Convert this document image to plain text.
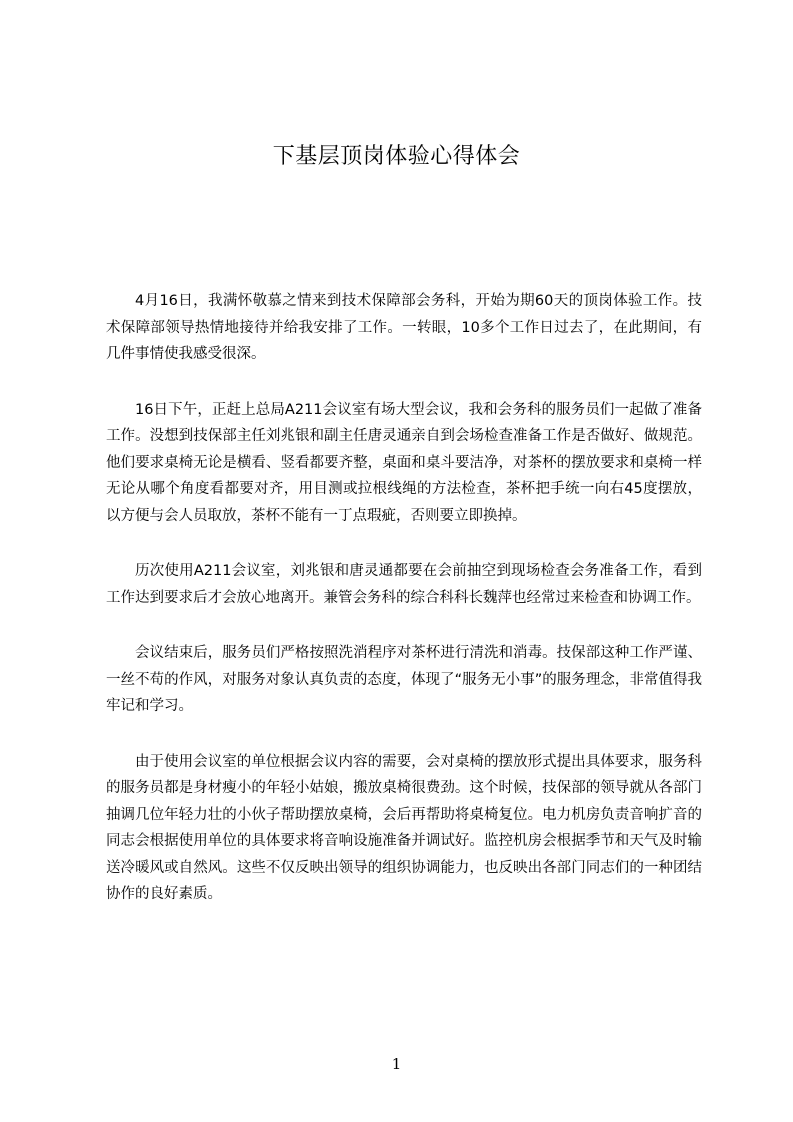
下基层顶岗体验心得体会

4月16日，我满怀敬慕之情来到技术保障部会务科，开始为期60天的顶岗体验工作。技术保障部领导热情地接待并给我安排了工作。一转眼，10多个工作日过去了，在此期间，有几件事情使我感受很深。

16日下午，正赶上总局A211会议室有场大型会议，我和会务科的服务员们一起做了准备工作。没想到技保部主任刘兆银和副主任唐灵通亲自到会场检查准备工作是否做好、做规范。他们要求桌椅无论是横看、竖看都要齐整，桌面和桌斗要洁净，对茶杯的摆放要求和桌椅一样无论从哪个角度看都要对齐，用目测或拉根线绳的方法检查，茶杯把手统一向右45度摆放，以方便与会人员取放，茶杯不能有一丁点瑕疵，否则要立即换掉。

历次使用A211会议室，刘兆银和唐灵通都要在会前抽空到现场检查会务准备工作，看到工作达到要求后才会放心地离开。兼管会务科的综合科科长魏萍也经常过来检查和协调工作。

会议结束后，服务员们严格按照洗消程序对茶杯进行清洗和消毒。技保部这种工作严谨、一丝不苟的作风，对服务对象认真负责的态度，体现了“服务无小事”的服务理念，非常值得我牢记和学习。

由于使用会议室的单位根据会议内容的需要，会对桌椅的摆放形式提出具体要求，服务科的服务员都是身材瘦小的年轻小姑娘，搬放桌椅很费劲。这个时候，技保部的领导就从各部门抽调几位年轻力壮的小伙子帮助摆放桌椅，会后再帮助将桌椅复位。电力机房负责音响扩音的同志会根据使用单位的具体要求将音响设施准备并调试好。监控机房会根据季节和天气及时输送冷暖风或自然风。这些不仅反映出领导的组织协调能力，也反映出各部门同志们的一种团结协作的良好素质。

1
